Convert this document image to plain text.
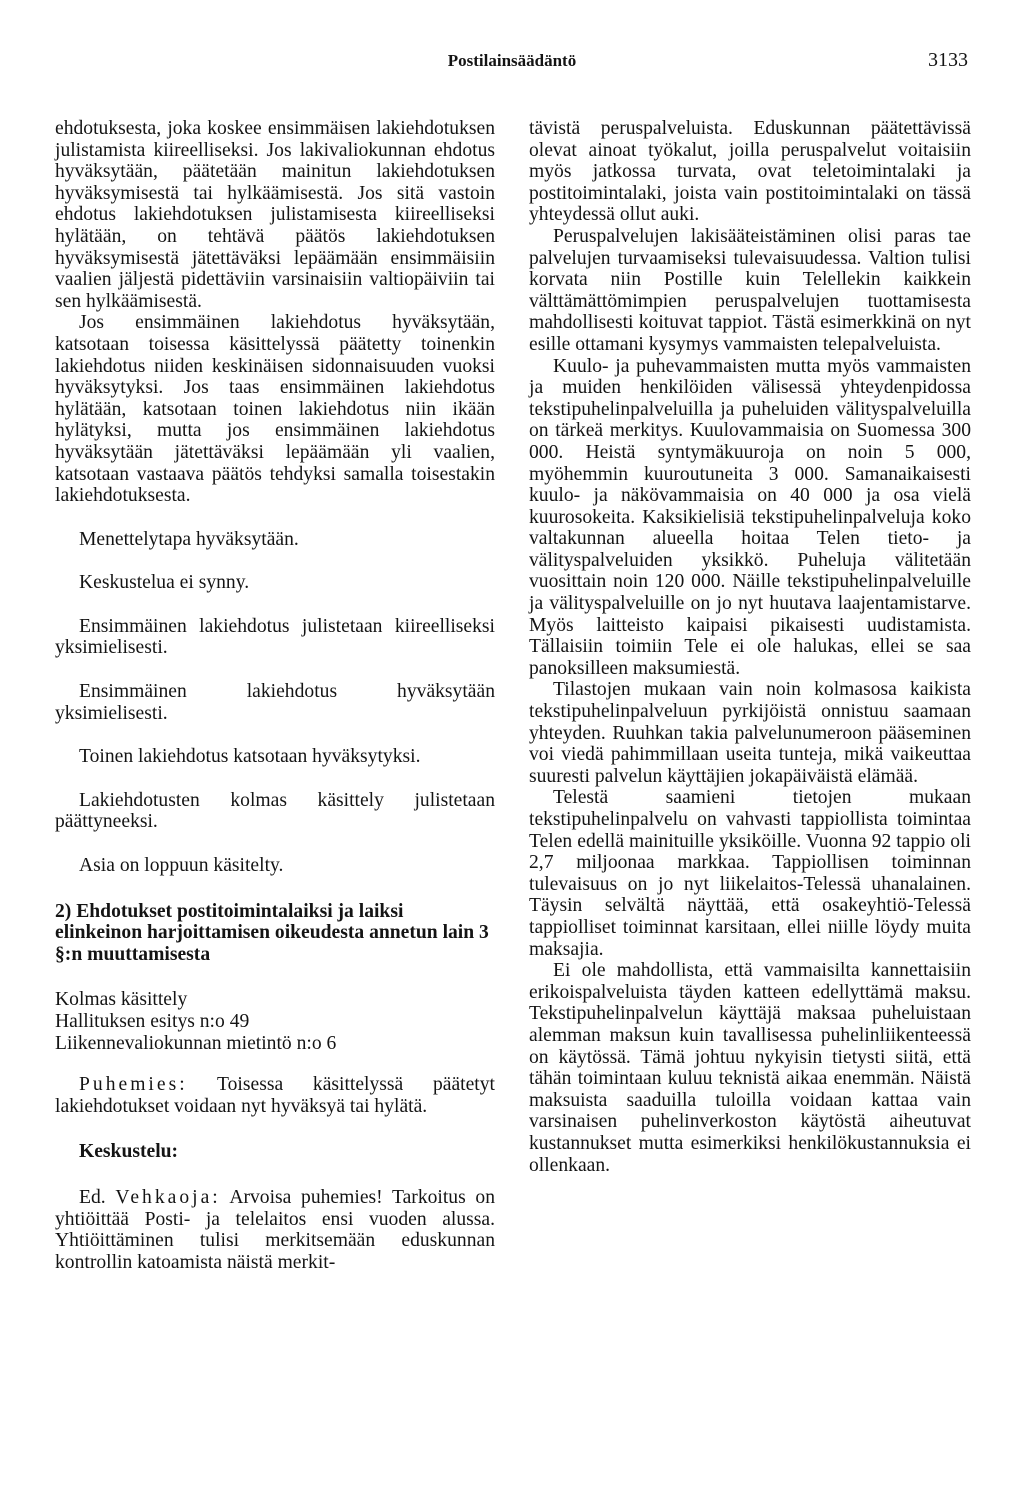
Postilainsäädäntö	3133

ehdotuksesta, joka koskee ensimmäisen lakiehdotuksen julistamista kiireelliseksi. Jos lakivaliokunnan ehdotus hyväksytään, päätetään mainitun lakiehdotuksen hyväksymisestä tai hylkäämisestä. Jos sitä vastoin ehdotus lakiehdotuksen julistamisesta kiireelliseksi hylätään, on tehtävä päätös lakiehdotuksen hyväksymisestä jätettäväksi lepäämään ensimmäisiin vaalien jäljestä pidettäviin varsinaisiin valtiopäiviin tai sen hylkäämisestä.

Jos ensimmäinen lakiehdotus hyväksytään, katsotaan toisessa käsittelyssä päätetty toinenkin lakiehdotus niiden keskinäisen sidonnaisuuden vuoksi hyväksytyksi. Jos taas ensimmäinen lakiehdotus hylätään, katsotaan toinen lakiehdotus niin ikään hylätyksi, mutta jos ensimmäinen lakiehdotus hyväksytään jätettäväksi lepäämään yli vaalien, katsotaan vastaava päätös tehdyksi samalla toisestakin lakiehdotuksesta.

Menettelytapa hyväksytään.

Keskustelua ei synny.

Ensimmäinen lakiehdotus julistetaan kiireelliseksi yksimielisesti.

Ensimmäinen lakiehdotus hyväksytään yksimielisesti.

Toinen lakiehdotus katsotaan hyväksytyksi.

Lakiehdotusten kolmas käsittely julistetaan päättyneeksi.

Asia on loppuun käsitelty.

2) Ehdotukset postitoimintalaiksi ja laiksi elinkeinon harjoittamisen oikeudesta annetun lain 3 §:n muuttamisesta

Kolmas käsittely

Hallituksen esitys n:o 49

Liikennevaliokunnan mietintö n:o 6

Puhemies: Toisessa käsittelyssä päätetyt lakiehdotukset voidaan nyt hyväksyä tai hylätä.

Keskustelu:

Ed. Vehkaoja: Arvoisa puhemies! Tarkoitus on yhtiöittää Posti- ja telelaitos ensi vuoden alussa. Yhtiöittäminen tulisi merkitsemään eduskunnan kontrollin katoamista näistä merkit-

tävistä peruspalveluista. Eduskunnan päätettävissä olevat ainoat työkalut, joilla peruspalvelut voitaisiin myös jatkossa turvata, ovat teletoimintalaki ja postitoimintalaki, joista vain postitoimintalaki on tässä yhteydessä ollut auki.

Peruspalvelujen lakisääteistäminen olisi paras tae palvelujen turvaamiseksi tulevaisuudessa. Valtion tulisi korvata niin Postille kuin Telellekin kaikkein välttämättömimpien peruspalvelujen tuottamisesta mahdollisesti koituvat tappiot. Tästä esimerkkinä on nyt esille ottamani kysymys vammaisten telepalveluista.

Kuulo- ja puhevammaisten mutta myös vammaisten ja muiden henkilöiden välisessä yhteydenpidossa tekstipuhelinpalveluilla ja puheluiden välityspalveluilla on tärkeä merkitys. Kuulovammaisia on Suomessa 300 000. Heistä syntymäkuuroja on noin 5 000, myöhemmin kuuroutuneita 3 000. Samanaikaisesti kuulo- ja näkövammaisia on 40 000 ja osa vielä kuurosokeita. Kaksikielisiä tekstipuhelinpalveluja koko valtakunnan alueella hoitaa Telen tieto- ja välityspalveluiden yksikkö. Puheluja välitetään vuosittain noin 120 000. Näille tekstipuhelinpalveluille ja välityspalveluille on jo nyt huutava laajentamistarve. Myös laitteisto kaipaisi pikaisesti uudistamista. Tällaisiin toimiin Tele ei ole halukas, ellei se saa panoksilleen maksumiestä.

Tilastojen mukaan vain noin kolmasosa kaikista tekstipuhelinpalveluun pyrkijöistä onnistuu saamaan yhteyden. Ruuhkan takia palvelunumeroon pääseminen voi viedä pahimmillaan useita tunteja, mikä vaikeuttaa suuresti palvelun käyttäjien jokapäiväistä elämää.

Telestä saamieni tietojen mukaan tekstipuhelinpalvelu on vahvasti tappiollista toimintaa Telen edellä mainituille yksiköille. Vuonna 92 tappio oli 2,7 miljoonaa markkaa. Tappiollisen toiminnan tulevaisuus on jo nyt liikelaitos-Telessä uhanalainen. Täysin selvältä näyttää, että osakeyhtiö-Telessä tappiolliset toiminnat karsitaan, ellei niille löydy muita maksajia.

Ei ole mahdollista, että vammaisilta kannettaisiin erikoispalveluista täyden katteen edellyttämä maksu. Tekstipuhelinpalvelun käyttäjä maksaa puheluistaan alemman maksun kuin tavallisessa puhelinliikenteessä on käytössä. Tämä johtuu nykyisin tietysti siitä, että tähän toimintaan kuluu teknistä aikaa enemmän. Näistä maksuista saaduilla tuloilla voidaan kattaa vain varsinaisen puhelinverkoston käytöstä aiheutuvat kustannukset mutta esimerkiksi henkilökustannuksia ei ollenkaan.
